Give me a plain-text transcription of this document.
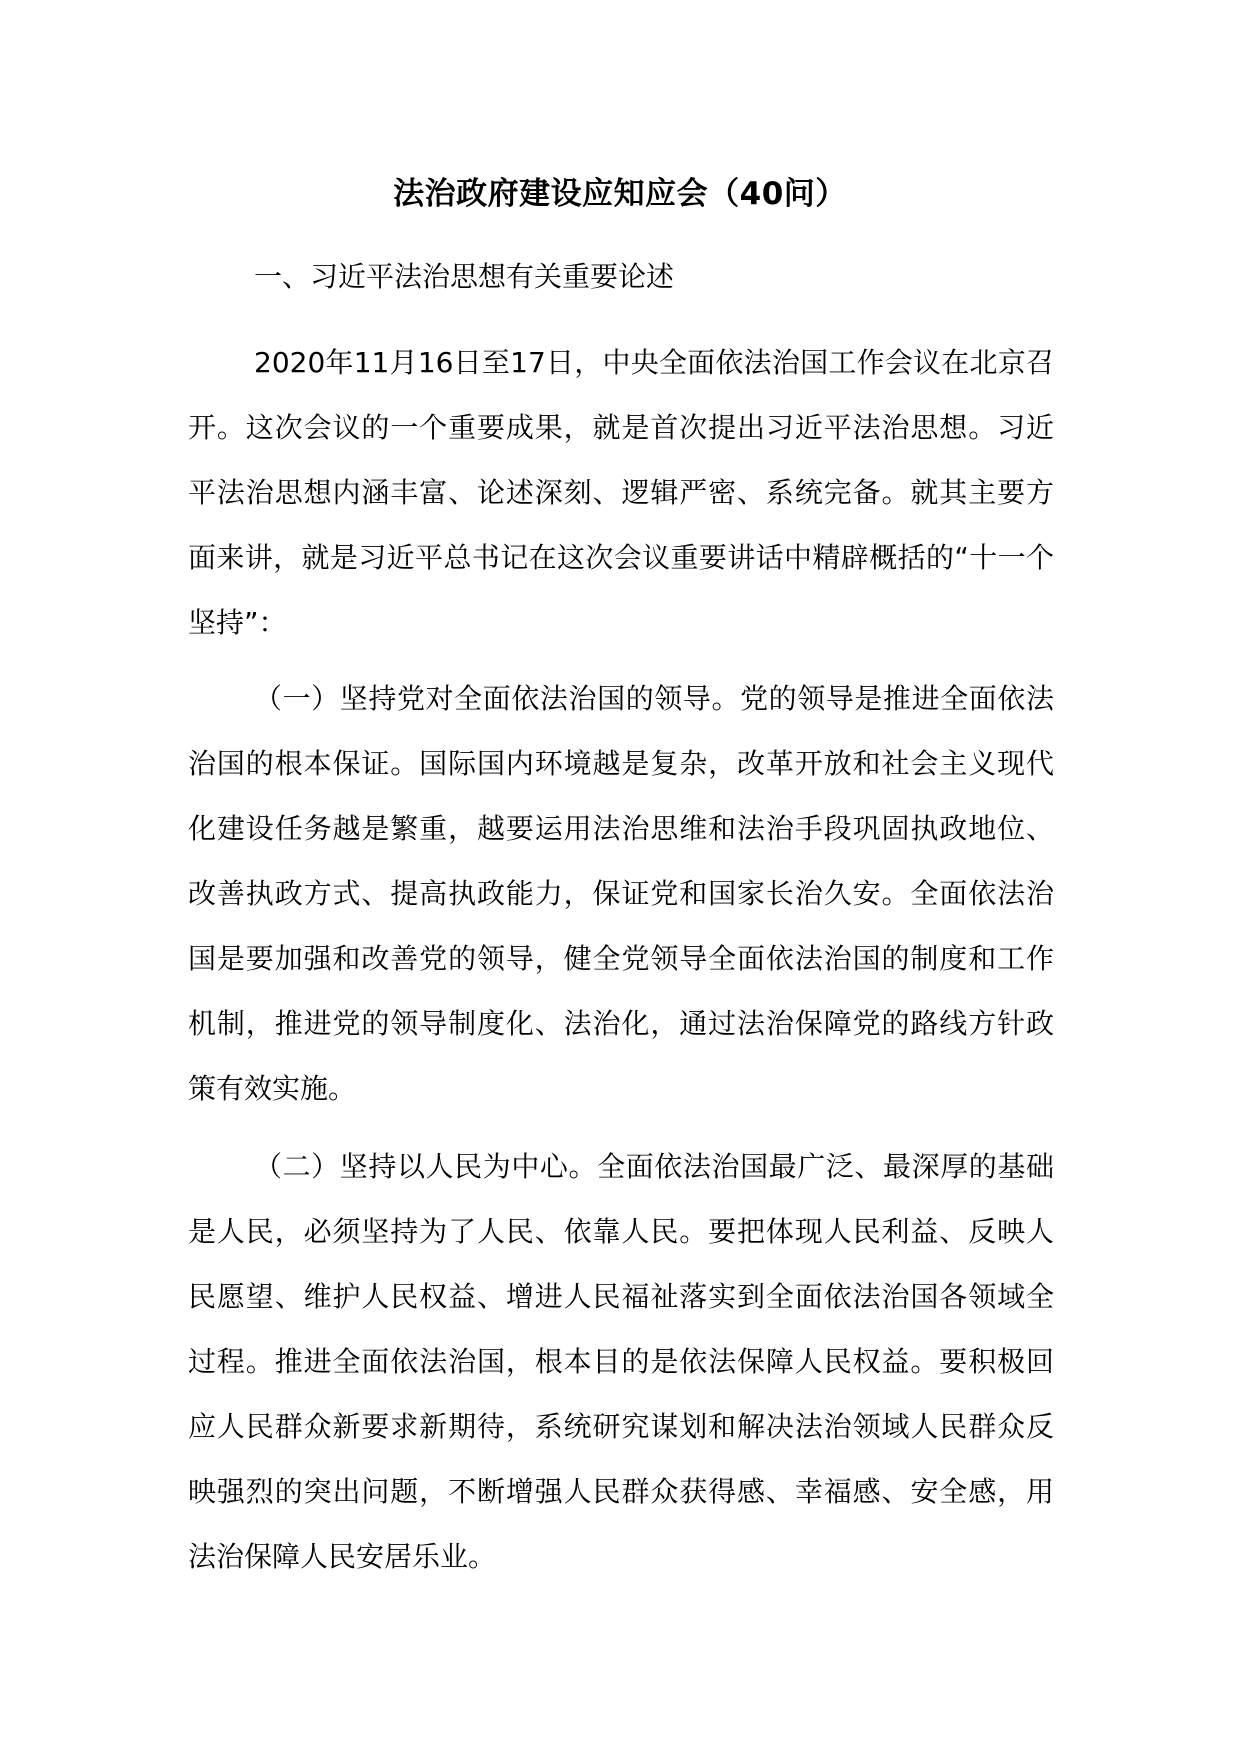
法治政府建设应知应会（40问）
一、习近平法治思想有关重要论述

2020年11月16日至17日，中央全面依法治国工作会议在北京召开。这次会议的一个重要成果，就是首次提出习近平法治思想。习近平法治思想内涵丰富、论述深刻、逻辑严密、系统完备。就其主要方面来讲，就是习近平总书记在这次会议重要讲话中精辟概括的“十一个坚持”：

（一）坚持党对全面依法治国的领导。党的领导是推进全面依法治国的根本保证。国际国内环境越是复杂，改革开放和社会主义现代化建设任务越是繁重，越要运用法治思维和法治手段巩固执政地位、改善执政方式、提高执政能力，保证党和国家长治久安。全面依法治国是要加强和改善党的领导，健全党领导全面依法治国的制度和工作机制，推进党的领导制度化、法治化，通过法治保障党的路线方针政策有效实施。

（二）坚持以人民为中心。全面依法治国最广泛、最深厚的基础是人民，必须坚持为了人民、依靠人民。要把体现人民利益、反映人民愿望、维护人民权益、增进人民福祉落实到全面依法治国各领域全过程。推进全面依法治国，根本目的是依法保障人民权益。要积极回应人民群众新要求新期待，系统研究谋划和解决法治领域人民群众反映强烈的突出问题，不断增强人民群众获得感、幸福感、安全感，用法治保障人民安居乐业。
